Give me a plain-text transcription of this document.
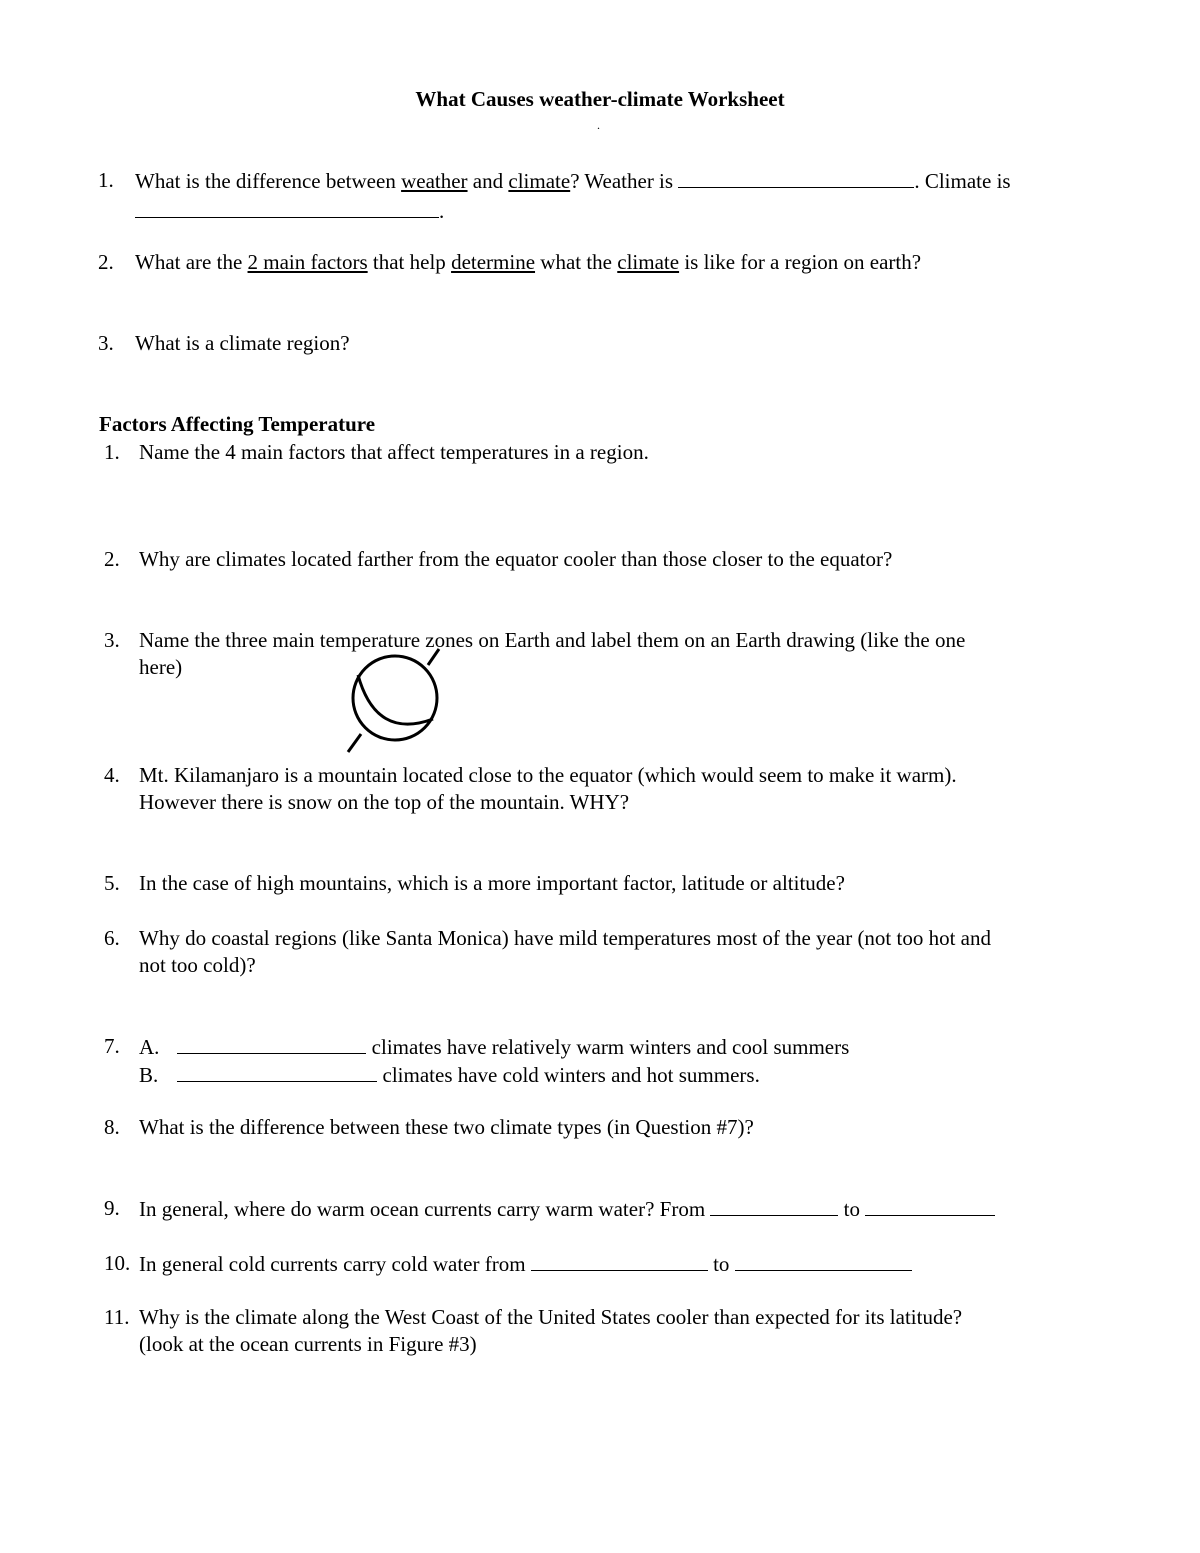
What Causes weather-climate Worksheet
.
1. What is the difference between weather and climate? Weather is	. Climate is
.
2. What are the 2 main factors that help determine what the climate is like for a region on earth?
3. What is a climate region?
Factors Affecting Temperature
1. Name the 4 main factors that affect temperatures in a region.
2. Why are climates located farther from the equator cooler than those closer to the equator?
3. Name the three main temperature zones on Earth and label them on an Earth drawing (like the one
here)
4. Mt. Kilamanjaro is a mountain located close to the equator (which would seem to make it warm).
However there is snow on the top of the mountain. WHY?
5. In the case of high mountains, which is a more important factor, latitude or altitude?
6. Why do coastal regions (like Santa Monica) have mild temperatures most of the year (not too hot and
not too cold)?
7. A.	climates have relatively warm winters and cool summers
B.	climates have cold winters and hot summers.
8. What is the difference between these two climate types (in Question #7)?
9. In general, where do warm ocean currents carry warm water? From	to
10. In general cold currents carry cold water from	to
11. Why is the climate along the West Coast of the United States cooler than expected for its latitude?
(look at the ocean currents in Figure #3)
